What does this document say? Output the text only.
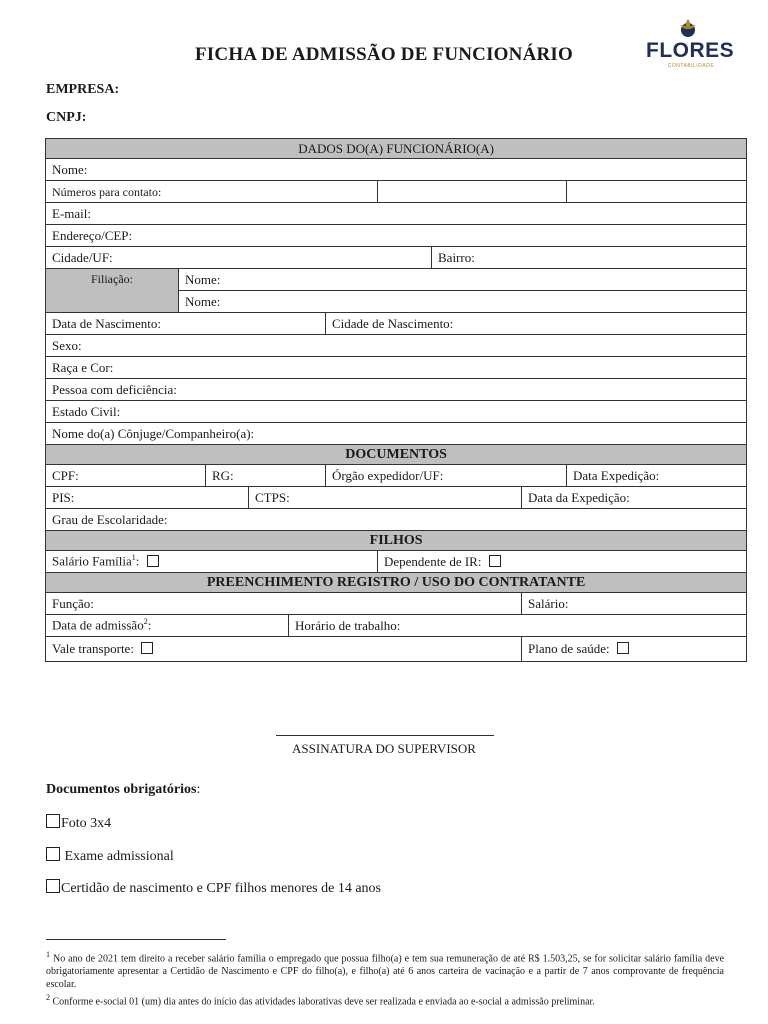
FICHA DE ADMISSÃO DE FUNCIONÁRIO	FLORES
CONTABILIDADE
EMPRESA:
CNPJ:
DADOS DO(A) FUNCIONÁRIO(A)									
Nome:									
Números para contato:									
E-mail:									
Endereço/CEP:									
Cidade/UF:							Bairro:		
Filiação:	Nome:								
	Nome:								
Data de Nascimento:					Cidade de Nascimento:				
Sexo:									
Raça e Cor:									
Pessoa com deficiência:									
Estado Civil:									
Nome do(a) Cônjuge/Companheiro(a):									
DOCUMENTOS									
CPF:		RG:			Órgão expedidor/UF:				Data Expedição:
PIS:			CTPS:					Data da Expedição:	
Grau de Escolaridade:									
FILHOS									
Salário Família$^1$:						Dependente de IR:			
PREENCHIMENTO REGISTRO / USO DO CONTRATANTE									
Função:								Salário:	
Data de admissão$^2$:				Horário de trabalho:					
Vale transporte:								Plano de saúde:	
ASSINATURA DO SUPERVISOR
Documentos obrigatórios:
Foto 3x4
Exame admissional
Certidão de nascimento e CPF filhos menores de 14 anos
$^1$ No ano de 2021 tem direito a receber salário família o empregado que possua filho(a) e tem sua remuneração de até R$ 1.503,25, se for solicitar salário família deve obrigatoriamente apresentar a Certidão de Nascimento e CPF do filho(a), e filho(a) até 6 anos carteira de vacinação e a partir de 7 anos comprovante de frequência escolar.
$^2$ Conforme e-social 01 (um) dia antes do início das atividades laborativas deve ser realizada e enviada ao e-social a admissão preliminar.
